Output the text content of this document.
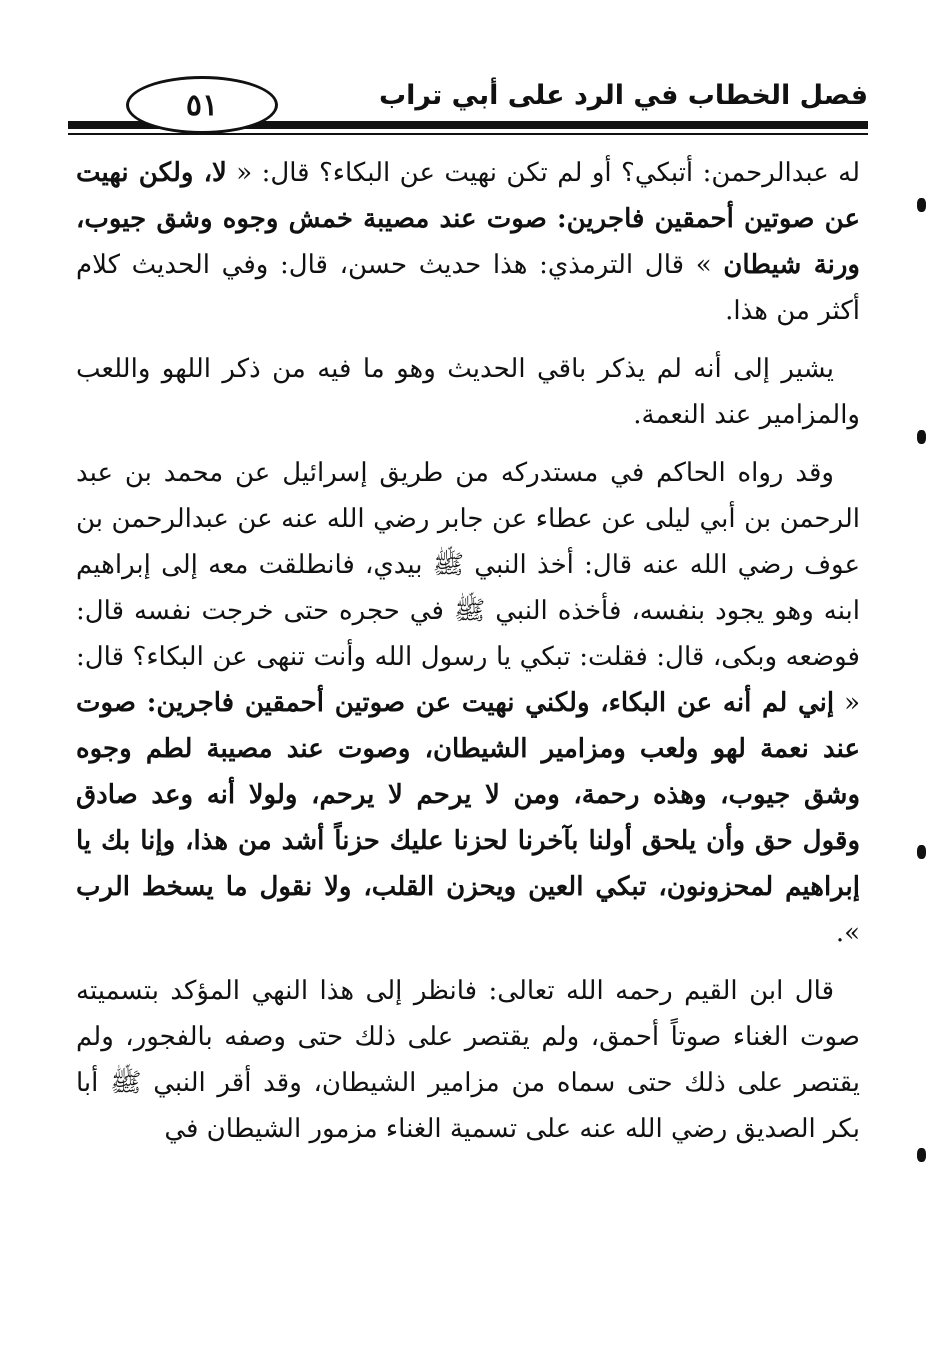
٥١	فصل الخطاب في الرد على أبي تراب

له عبدالرحمن: أتبكي؟ أو لم تكن نهيت عن البكاء؟ قال: « لا، ولكن نهيت عن صوتين أحمقين فاجرين: صوت عند مصيبة خمش وجوه وشق جيوب، ورنة شيطان » قال الترمذي: هذا حديث حسن، قال: وفي الحديث كلام أكثر من هذا.

يشير إلى أنه لم يذكر باقي الحديث وهو ما فيه من ذكر اللهو واللعب والمزامير عند النعمة.

وقد رواه الحاكم في مستدركه من طريق إسرائيل عن محمد بن عبد الرحمن بن أبي ليلى عن عطاء عن جابر رضي الله عنه عن عبدالرحمن بن عوف رضي الله عنه قال: أخذ النبي ﷺ بيدي، فانطلقت معه إلى إبراهيم ابنه وهو يجود بنفسه، فأخذه النبي ﷺ في حجره حتى خرجت نفسه قال: فوضعه وبكى، قال: فقلت: تبكي يا رسول الله وأنت تنهى عن البكاء؟ قال: « إني لم أنه عن البكاء، ولكني نهيت عن صوتين أحمقين فاجرين: صوت عند نعمة لهو ولعب ومزامير الشيطان، وصوت عند مصيبة لطم وجوه وشق جيوب، وهذه رحمة، ومن لا يرحم لا يرحم، ولولا أنه وعد صادق وقول حق وأن يلحق أولنا بآخرنا لحزنا عليك حزناً أشد من هذا، وإنا بك يا إبراهيم لمحزونون، تبكي العين ويحزن القلب، ولا نقول ما يسخط الرب ».

قال ابن القيم رحمه الله تعالى: فانظر إلى هذا النهي المؤكد بتسميته صوت الغناء صوتاً أحمق، ولم يقتصر على ذلك حتى وصفه بالفجور، ولم يقتصر على ذلك حتى سماه من مزامير الشيطان، وقد أقر النبي ﷺ أبا بكر الصديق رضي الله عنه على تسمية الغناء مزمور الشيطان في
